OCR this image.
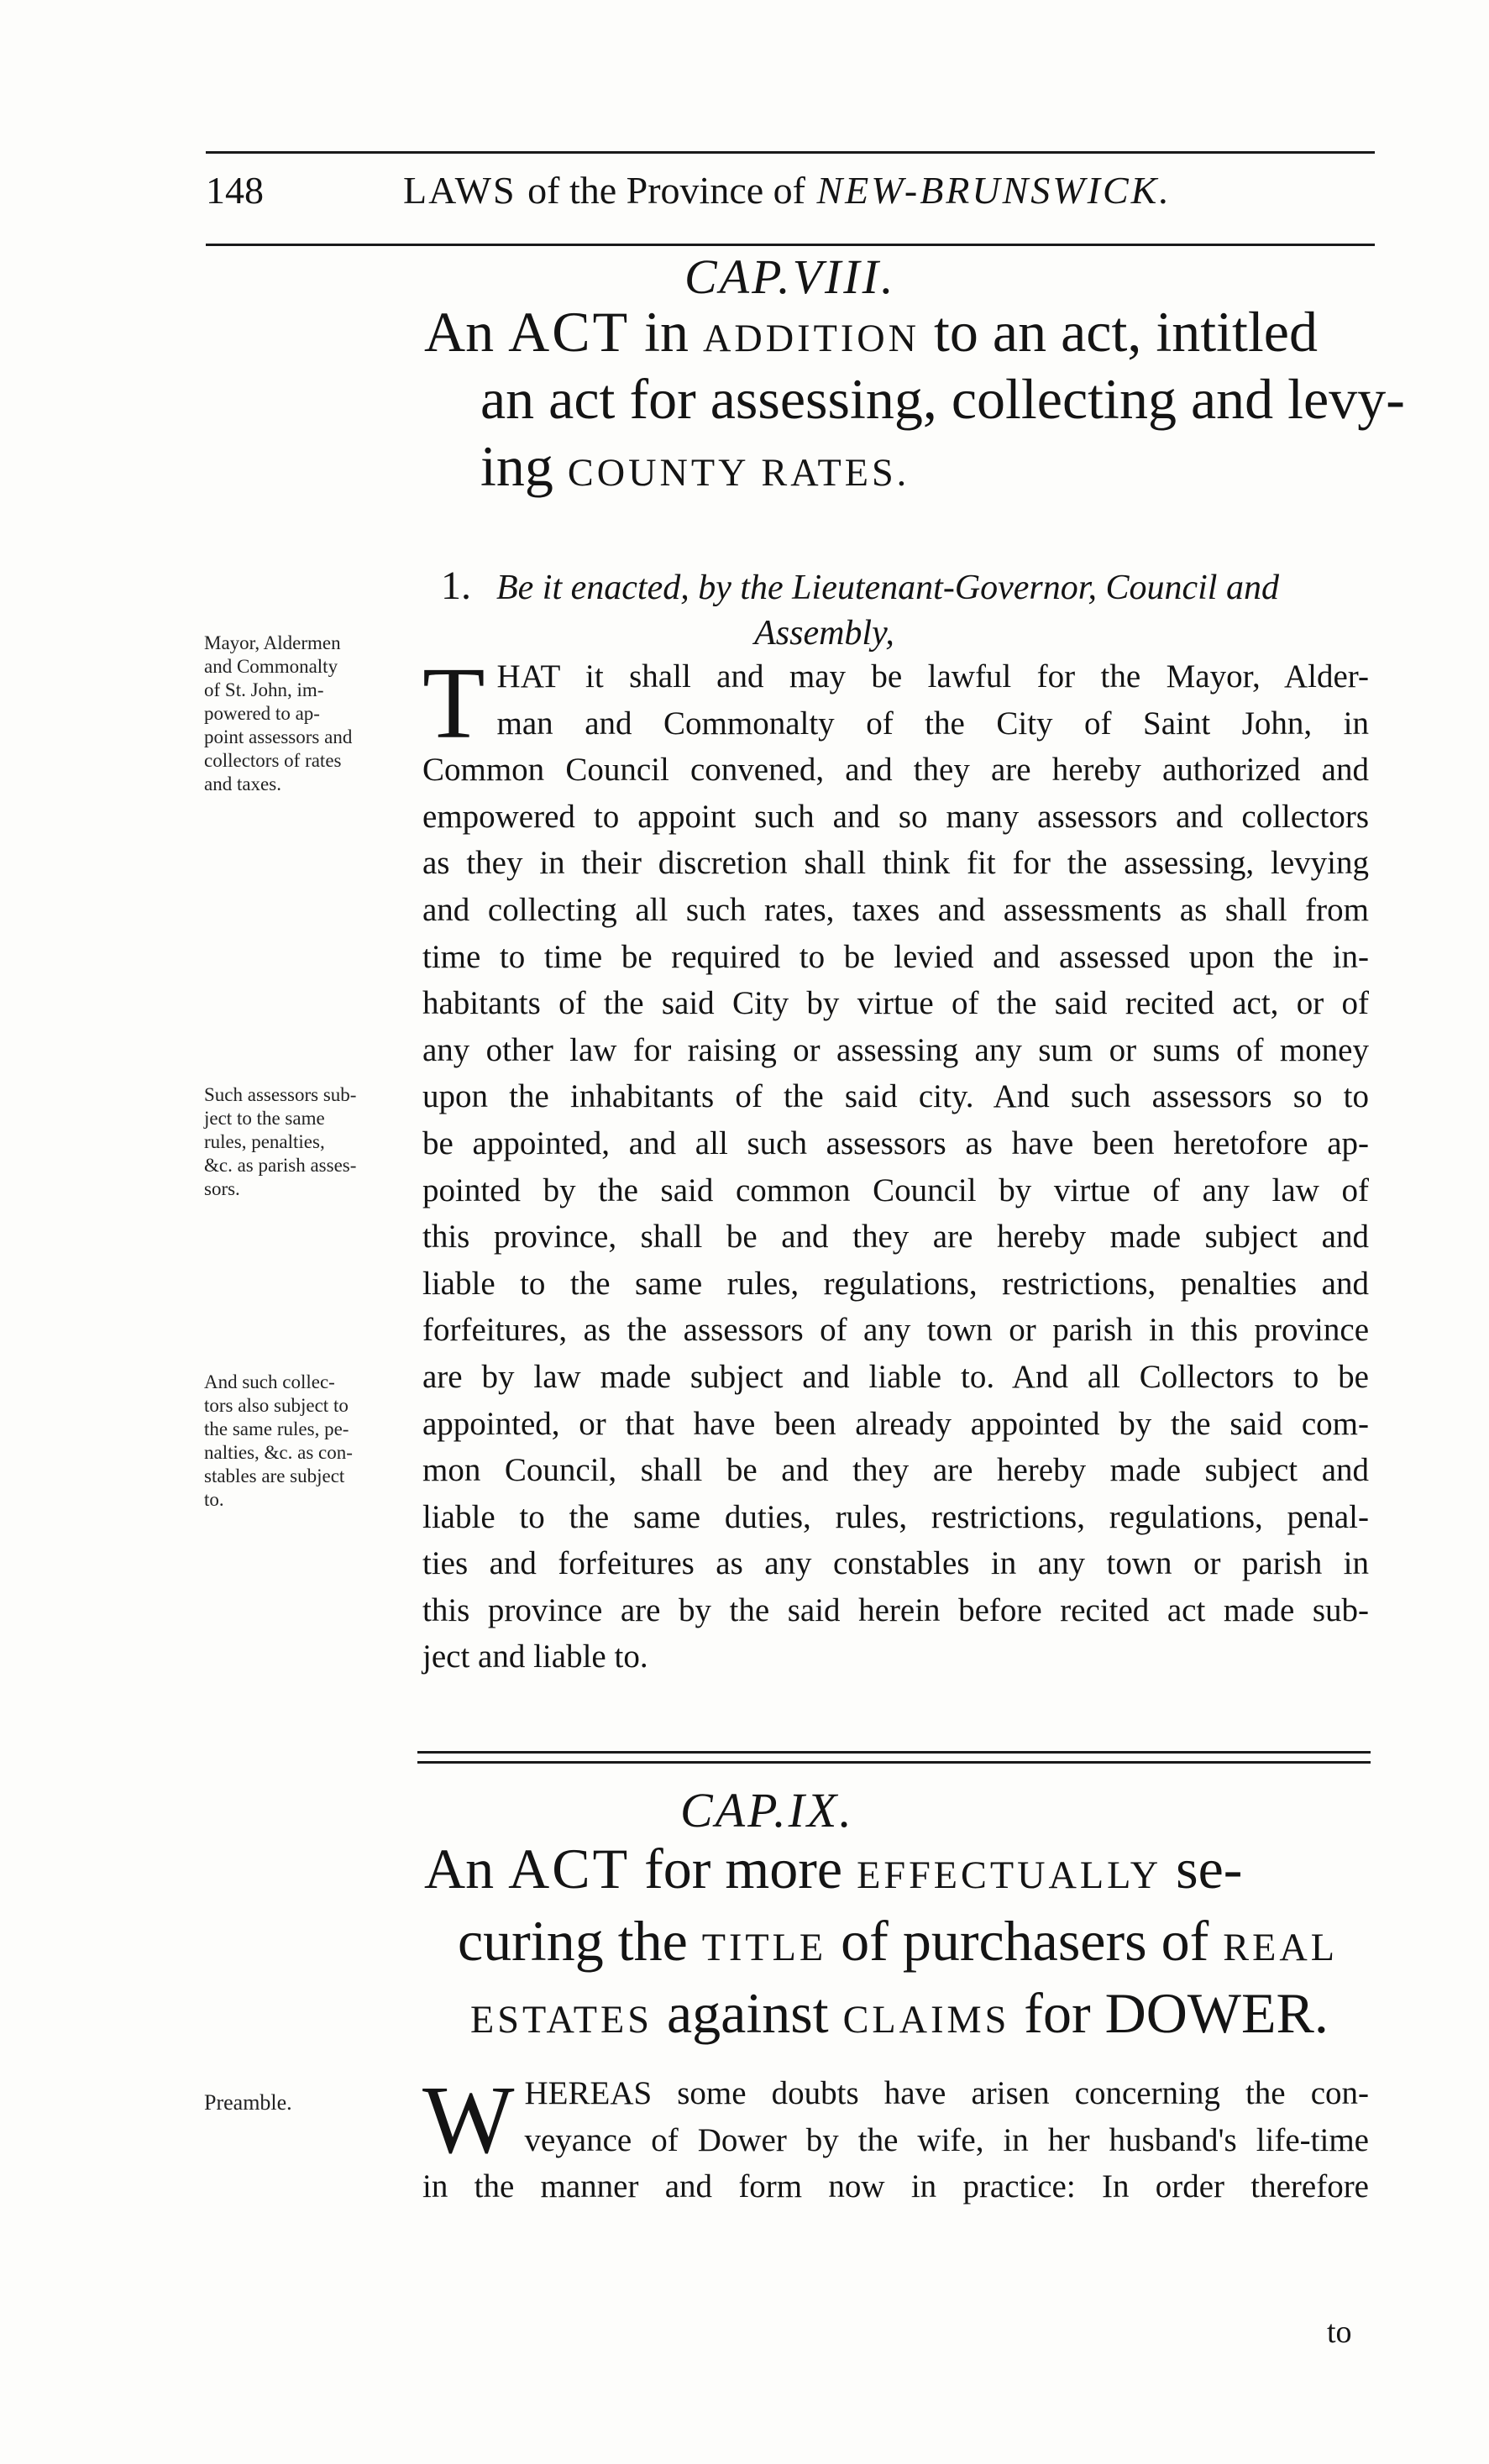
148	LAWS of the Province of NEW-BRUNSWICK.
CAP.VIII.
An ACT in ADDITION to an act, intitled
an act for assessing, collecting and levy-
ing COUNTY RATES.
1. Be it enacted, by the Lieutenant-Governor, Council and
Assembly,
T HAT it shall and may be lawful for the Mayor, Alder-
man and Commonalty of the City of Saint John, in
Common Council convened, and they are hereby authorized and
empowered to appoint such and so many assessors and collectors
as they in their discretion shall think fit for the assessing, levying
and collecting all such rates, taxes and assessments as shall from
time to time be required to be levied and assessed upon the in-
habitants of the said City by virtue of the said recited act, or of
any other law for raising or assessing any sum or sums of money
upon the inhabitants of the said city. And such assessors so to
be appointed, and all such assessors as have been heretofore ap-
pointed by the said common Council by virtue of any law of
this province, shall be and they are hereby made subject and
liable to the same rules, regulations, restrictions, penalties and
forfeitures, as the assessors of any town or parish in this province
are by law made subject and liable to. And all Collectors to be
appointed, or that have been already appointed by the said com-
mon Council, shall be and they are hereby made subject and
liable to the same duties, rules, restrictions, regulations, penal-
ties and forfeitures as any constables in any town or parish in
this province are by the said herein before recited act made sub-
ject and liable to.
Mayor, Aldermen
and Commonalty
of St. John, im-
powered to ap-
point assessors and
collectors of rates
and taxes.
Such assessors sub-
ject to the same
rules, penalties,
&c. as parish asses-
sors.
And such collec-
tors also subject to
the same rules, pe-
nalties, &c. as con-
stables are subject
to.
CAP.IX.
An ACT for more EFFECTUALLY se-
curing the TITLE of purchasers of REAL
ESTATES against CLAIMS for DOWER.
W HEREAS some doubts have arisen concerning the con-
veyance of Dower by the wife, in her husband's life-time
in the manner and form now in practice: In order therefore
Preamble.
to
